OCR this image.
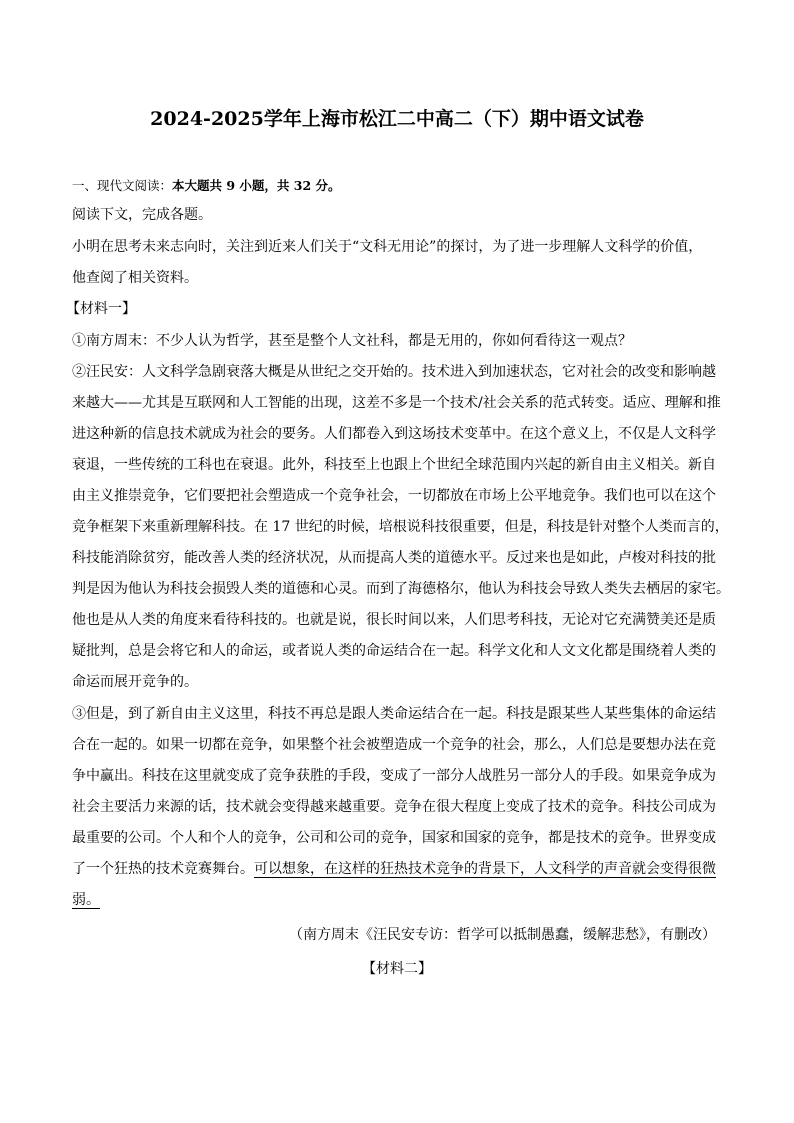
2024-2025学年上海市松江二中高二（下）期中语文试卷
一、现代文阅读：本大题共 9 小题，共 32 分。
阅读下文，完成各题。
小明在思考未来志向时，关注到近来人们关于“文科无用论”的探讨，为了进一步理解人文科学的价值，
他查阅了相关资料。
【材料一】
①南方周末：不少人认为哲学，甚至是整个人文社科，都是无用的，你如何看待这一观点？
②汪民安：人文科学急剧衰落大概是从世纪之交开始的。技术进入到加速状态，它对社会的改变和影响越
来越大——尤其是互联网和人工智能的出现，这差不多是一个技术/社会关系的范式转变。适应、理解和推
进这种新的信息技术就成为社会的要务。人们都卷入到这场技术变革中。在这个意义上，不仅是人文科学
衰退，一些传统的工科也在衰退。此外，科技至上也跟上个世纪全球范围内兴起的新自由主义相关。新自
由主义推崇竞争，它们要把社会塑造成一个竞争社会，一切都放在市场上公平地竞争。我们也可以在这个
竞争框架下来重新理解科技。在 17 世纪的时候，培根说科技很重要，但是，科技是针对整个人类而言的，
科技能消除贫穷，能改善人类的经济状况，从而提高人类的道德水平。反过来也是如此，卢梭对科技的批
判是因为他认为科技会损毁人类的道德和心灵。而到了海德格尔，他认为科技会导致人类失去栖居的家宅。
他也是从人类的角度来看待科技的。也就是说，很长时间以来，人们思考科技，无论对它充满赞美还是质
疑批判，总是会将它和人的命运，或者说人类的命运结合在一起。科学文化和人文文化都是围绕着人类的
命运而展开竞争的。
③但是，到了新自由主义这里，科技不再总是跟人类命运结合在一起。科技是跟某些人某些集体的命运结
合在一起的。如果一切都在竞争，如果整个社会被塑造成一个竞争的社会，那么，人们总是要想办法在竞
争中赢出。科技在这里就变成了竞争获胜的手段，变成了一部分人战胜另一部分人的手段。如果竞争成为
社会主要活力来源的话，技术就会变得越来越重要。竞争在很大程度上变成了技术的竞争。科技公司成为
最重要的公司。个人和个人的竞争，公司和公司的竞争，国家和国家的竞争，都是技术的竞争。世界变成
了一个狂热的技术竞赛舞台。可以想象，在这样的狂热技术竞争的背景下，人文科学的声音就会变得很微
弱。
（南方周末《汪民安专访：哲学可以抵制愚蠢，缓解悲愁》，有删改）
【材料二】
